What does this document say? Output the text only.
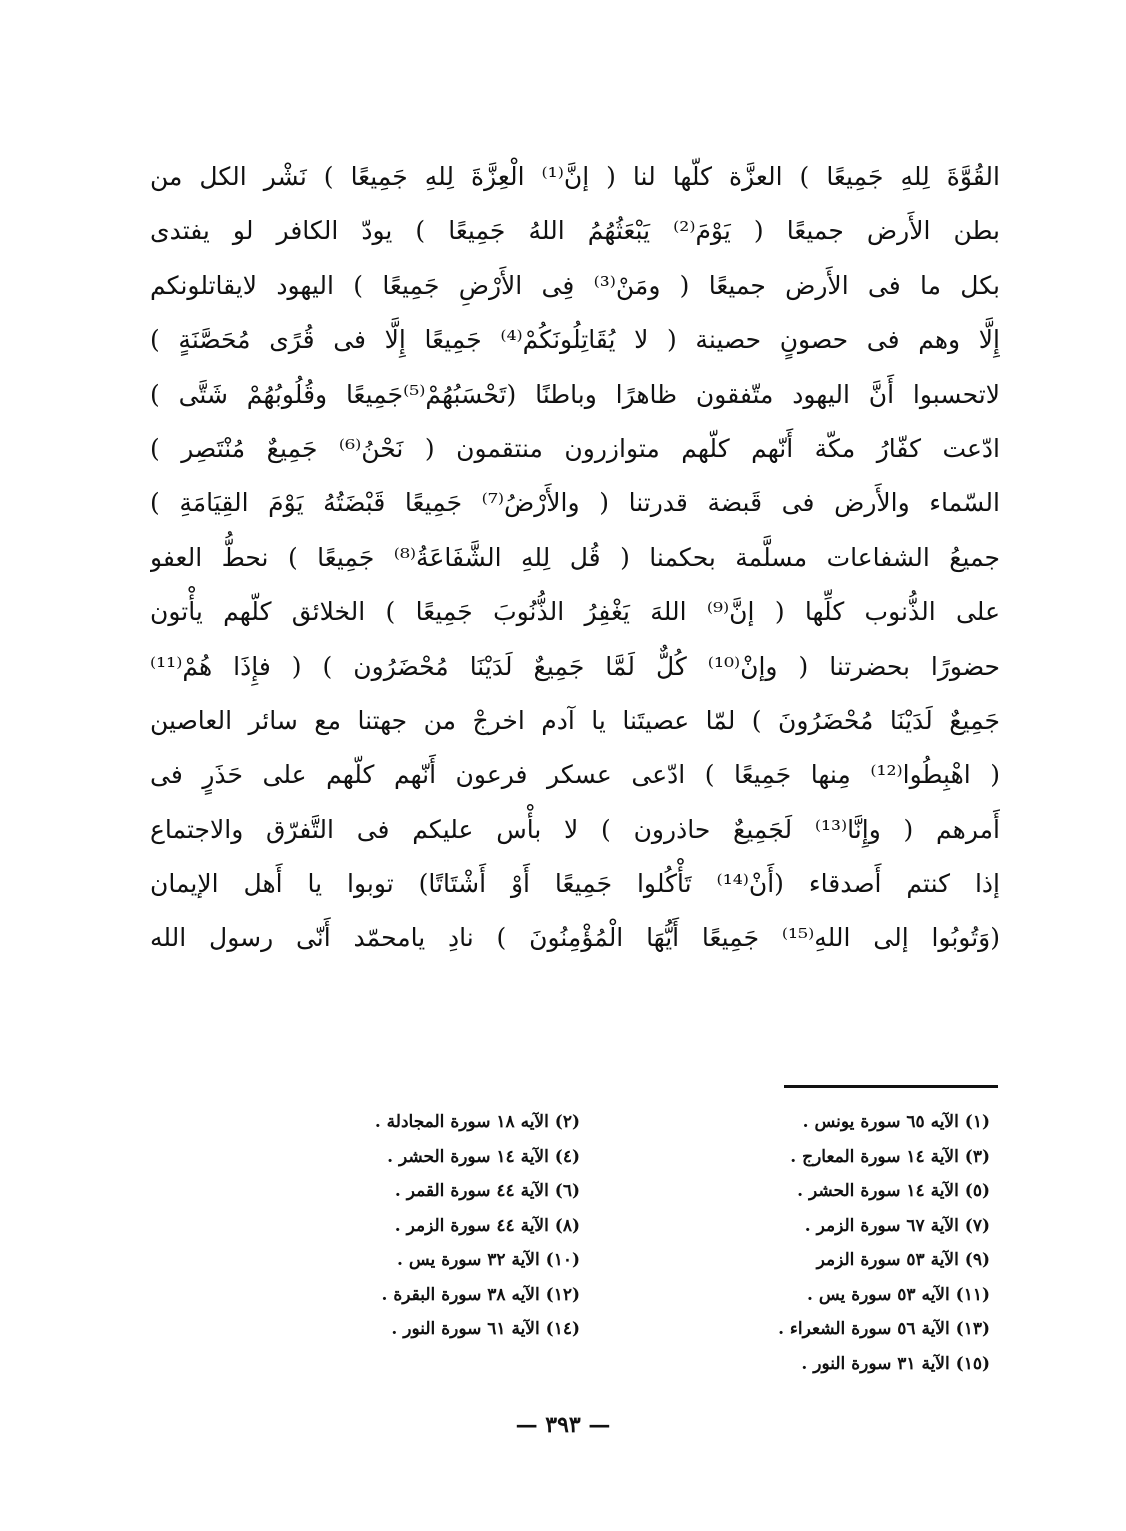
القُوَّةَ لِلهِ جَمِيعًا ) العزَّة كلّها لنا ( إنَّ⁽¹⁾ الْعِزَّةَ لِلهِ جَمِيعًا ) نَشْر الكل من
بطن الأَرض جميعًا ( يَوْمَ⁽²⁾ يَبْعَثُهُمُ اللهُ جَمِيعًا ) يودّ الكافر لو يفتدى
بكل ما فى الأَرض جميعًا ( ومَنْ⁽³⁾ فِى الأَرْضِ جَمِيعًا ) اليهود لايقاتلونكم
إِلَّا وهم فى حصونٍ حصينة ( لا يُقَاتِلُونَكُمْ⁽⁴⁾ جَمِيعًا إِلَّا فى قُرًى مُحَصَّنَةٍ )
لاتحسبوا أَنَّ اليهود متّفقون ظاهرًا وباطنًا (تَحْسَبُهُمْ⁽⁵⁾جَمِيعًا وقُلُوبُهُمْ شَتَّى )
ادّعت كفّارُ مكّة أَنّهم كلّهم متوازرون منتقمون ( نَحْنُ⁽⁶⁾ جَمِيعٌ مُنْتَصِر )
السّماء والأَرض فى قَبضة قدرتنا ( والأَرْضُ⁽⁷⁾ جَمِيعًا قَبْضَتُهُ يَوْمَ القِيَامَةِ )
جميعُ الشفاعات مسلَّمة بحكمنا ( قُل لِلهِ الشَّفَاعَةُ⁽⁸⁾ جَمِيعًا ) نحطُّ العفو
على الذُّنوب كلِّها ( إنَّ⁽⁹⁾ اللهَ يَغْفِرُ الذُّنُوبَ جَمِيعًا ) الخلائق كلّهم يأْتون
حضورًا بحضرتنا ( وإنْ⁽¹⁰⁾ كُلٌّ لَمَّا جَمِيعٌ لَدَيْنَا مُحْضَرُون ) ( فإِذَا هُمْ⁽¹¹⁾
جَمِيعٌ لَدَيْنَا مُحْضَرُونَ ) لمّا عصيتَنا يا آدم اخرجْ من جهتنا مع سائر العاصين
( اهْبِطُوا⁽¹²⁾ مِنها جَمِيعًا ) ادّعى عسكر فرعون أَنّهم كلّهم على حَذَرٍ فى
أَمرهم ( وإِنَّا⁽¹³⁾ لَجَمِيعٌ حاذرون ) لا بأْس عليكم فى التَّفرّق والاجتماع
إذا كنتم أَصدقاء (أَنْ⁽¹⁴⁾ تَأْكُلوا جَمِيعًا أَوْ أَشْتَاتًا) توبوا يا أَهل الإيمان
(وَتُوبُوا إلى اللهِ⁽¹⁵⁾ جَمِيعًا أَيُّهَا الْمُؤْمِنُونَ ) نادِ يامحمّد أَنّى رسول الله
(١) الآيه ٦٥ سورة يونس .
(٣) الآية ١٤ سورة المعارج .
(٥) الآية ١٤ سورة الحشر .
(٧) الآية ٦٧ سورة الزمر .
(٩) الآية ٥٣ سورة الزمر
(١١) الآيه ٥٣ سورة يس .
(١٣) الآية ٥٦ سورة الشعراء .
(١٥) الآية ٣١ سورة النور .
(٢) الآيه ١٨ سورة المجادلة .
(٤) الآية ١٤ سورة الحشر .
(٦) الآية ٤٤ سورة القمر .
(٨) الآية ٤٤ سورة الزمر .
(١٠) الآية ٣٢ سورة يس .
(١٢) الآيه ٣٨ سورة البقرة .
(١٤) الآية ٦١ سورة النور .
— ٣٩٣ —
